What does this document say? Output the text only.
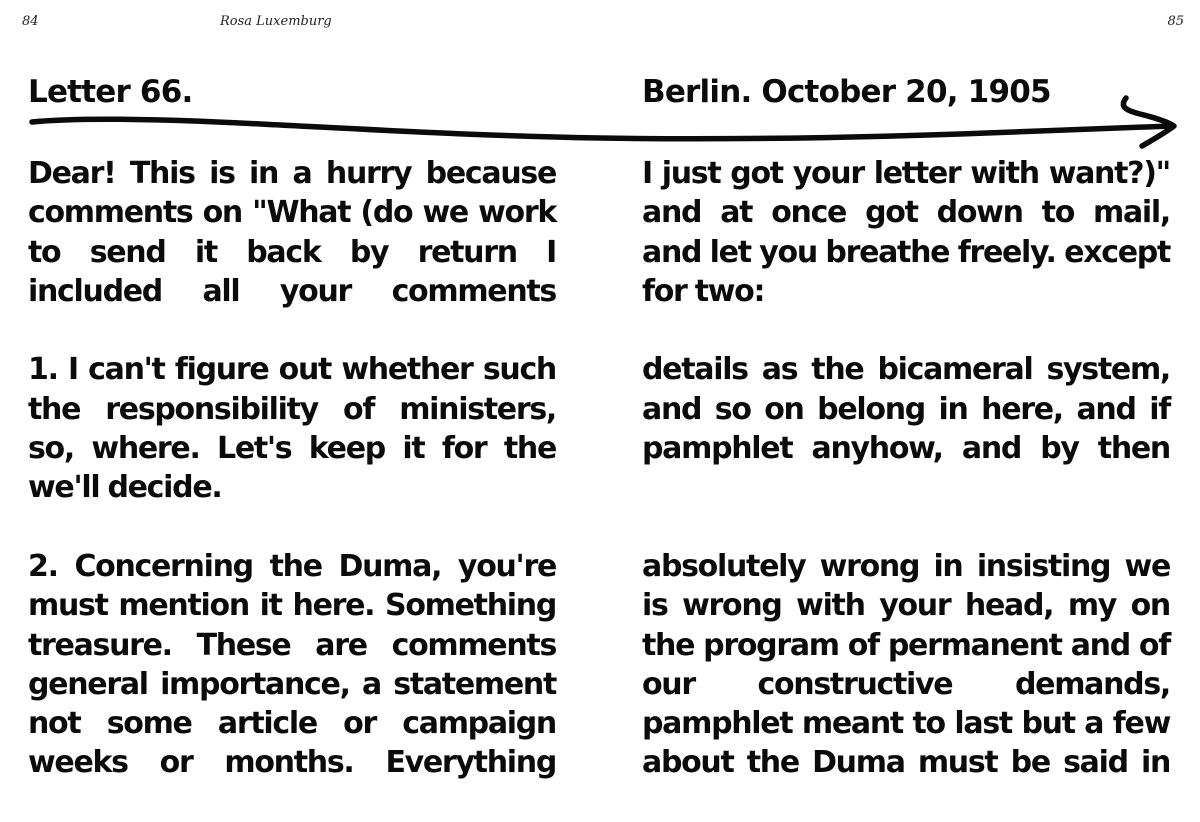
84	Rosa Luxemburg	85
Letter 66.	Berlin. October 20, 1905

Dear! This is in a hurry because comments on "What (do we work to send it back by return I included all your comments

1. I can't figure out whether such the responsibility of ministers, so, where. Let's keep it for the we'll decide.

2. Concerning the Duma, you're must mention it here. Something treasure. These are comments general importance, a statement not some article or campaign weeks or months. Everything

I just got your letter with want?)" and at once got down to mail, and let you breathe freely. except for two:

details as the bicameral system, and so on belong in here, and if pamphlet anyhow, and by then

absolutely wrong in insisting we is wrong with your head, my on the program of permanent and of our constructive demands, pamphlet meant to last but a few about the Duma must be said in
